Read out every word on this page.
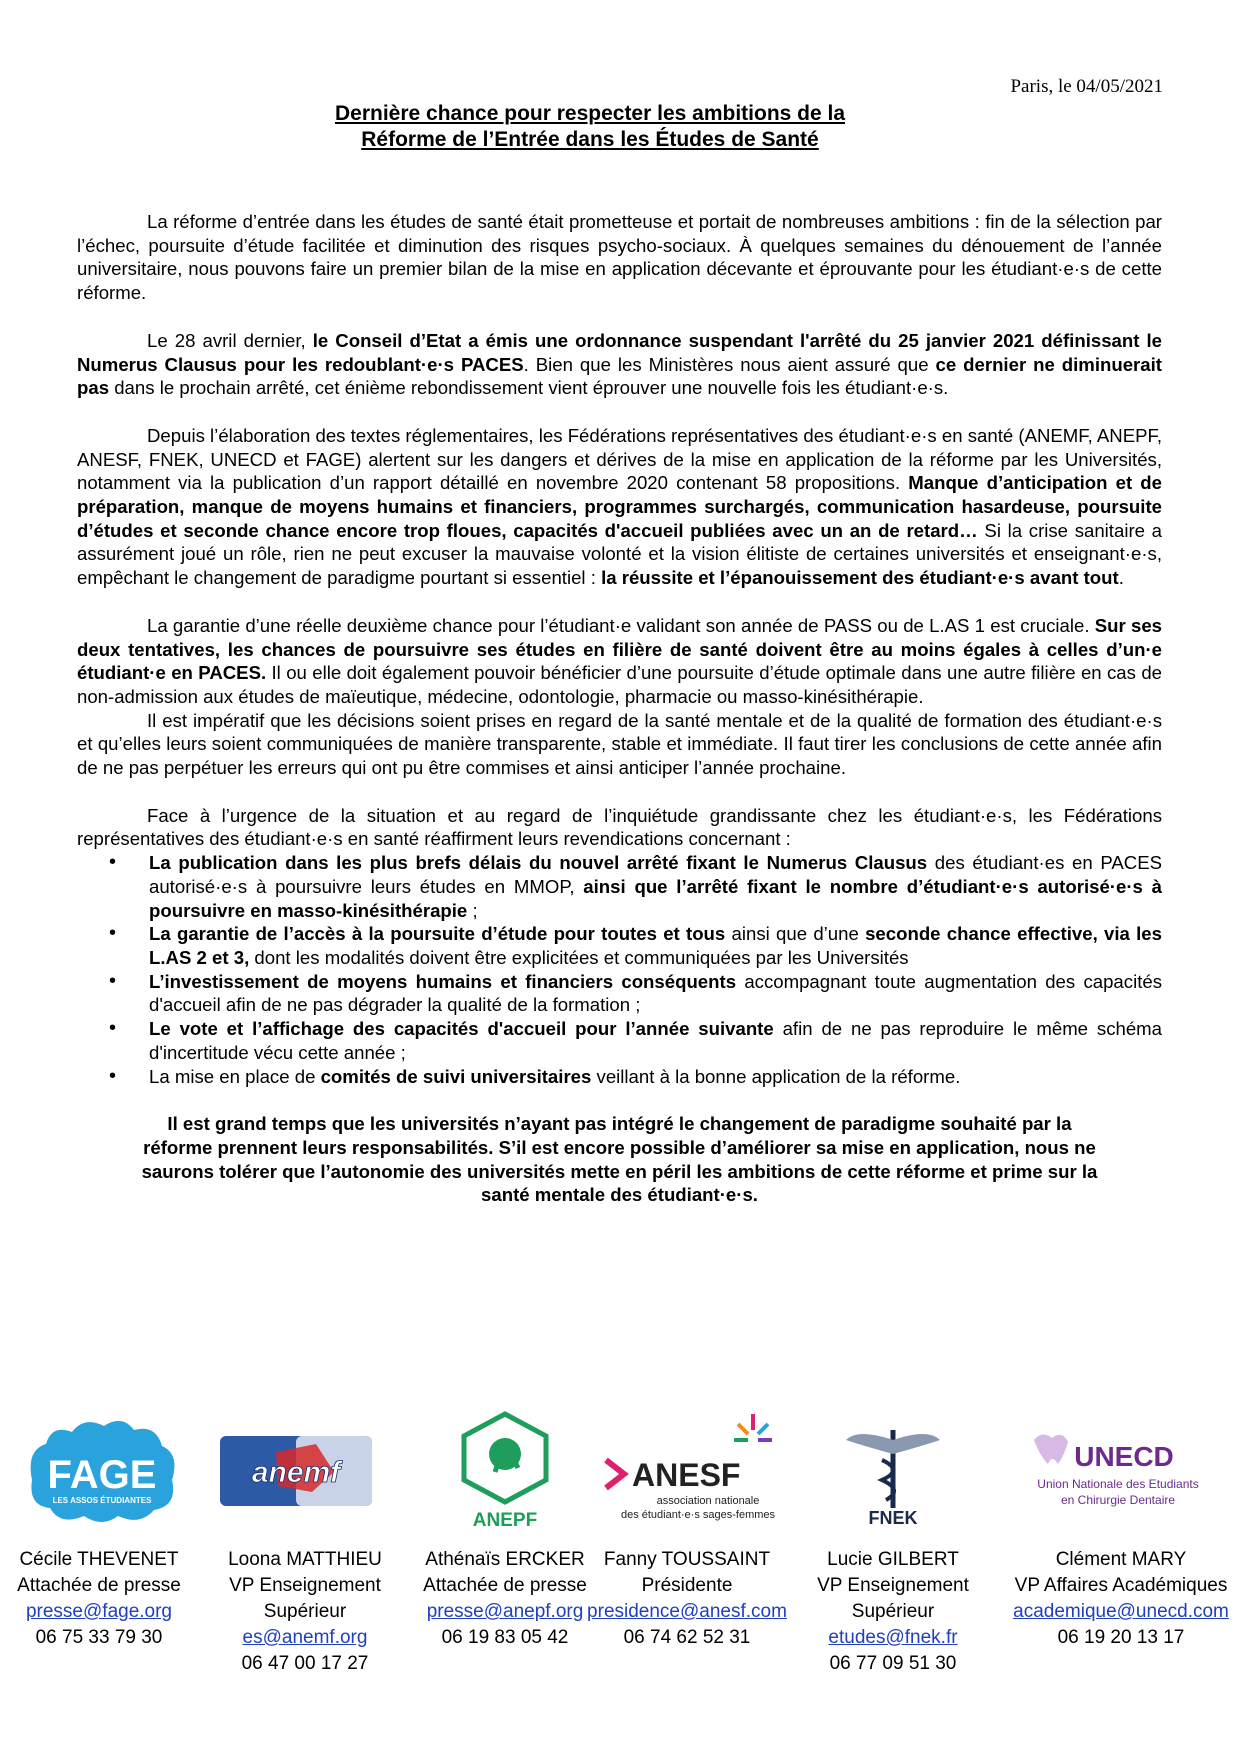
Paris, le 04/05/2021
Dernière chance pour respecter les ambitions de la
Réforme de l’Entrée dans les Études de Santé

La réforme d’entrée dans les études de santé était prometteuse et portait de nombreuses ambitions : fin de la sélection par l’échec, poursuite d’étude facilitée et diminution des risques psycho-sociaux. À quelques semaines du dénouement de l’année universitaire, nous pouvons faire un premier bilan de la mise en application décevante et éprouvante pour les étudiant·e·s de cette réforme.

Le 28 avril dernier, le Conseil d’Etat a émis une ordonnance suspendant l'arrêté du 25 janvier 2021 définissant le Numerus Clausus pour les redoublant·e·s PACES. Bien que les Ministères nous aient assuré que ce dernier ne diminuerait pas dans le prochain arrêté, cet énième rebondissement vient éprouver une nouvelle fois les étudiant·e·s.

Depuis l’élaboration des textes réglementaires, les Fédérations représentatives des étudiant·e·s en santé (ANEMF, ANEPF, ANESF, FNEK, UNECD et FAGE) alertent sur les dangers et dérives de la mise en application de la réforme par les Universités, notamment via la publication d’un rapport détaillé en novembre 2020 contenant 58 propositions. Manque d’anticipation et de préparation, manque de moyens humains et financiers, programmes surchargés, communication hasardeuse, poursuite d’études et seconde chance encore trop floues, capacités d'accueil publiées avec un an de retard… Si la crise sanitaire a assurément joué un rôle, rien ne peut excuser la mauvaise volonté et la vision élitiste de certaines universités et enseignant·e·s, empêchant le changement de paradigme pourtant si essentiel : la réussite et l’épanouissement des étudiant·e·s avant tout.

La garantie d’une réelle deuxième chance pour l’étudiant·e validant son année de PASS ou de L.AS 1 est cruciale. Sur ses deux tentatives, les chances de poursuivre ses études en filière de santé doivent être au moins égales à celles d’un·e étudiant·e en PACES. Il ou elle doit également pouvoir bénéficier d’une poursuite d’étude optimale dans une autre filière en cas de non-admission aux études de maïeutique, médecine, odontologie, pharmacie ou masso-kinésithérapie.

Il est impératif que les décisions soient prises en regard de la santé mentale et de la qualité de formation des étudiant·e·s et qu’elles leurs soient communiquées de manière transparente, stable et immédiate. Il faut tirer les conclusions de cette année afin de ne pas perpétuer les erreurs qui ont pu être commises et ainsi anticiper l’année prochaine.

Face à l’urgence de la situation et au regard de l’inquiétude grandissante chez les étudiant·e·s, les Fédérations représentatives des étudiant·e·s en santé réaffirment leurs revendications concernant :

• La publication dans les plus brefs délais du nouvel arrêté fixant le Numerus Clausus des étudiant·es en PACES autorisé·e·s à poursuivre leurs études en MMOP, ainsi que l’arrêté fixant le nombre d’étudiant·e·s autorisé·e·s à poursuivre en masso-kinésithérapie ;
• La garantie de l’accès à la poursuite d’étude pour toutes et tous ainsi que d’une seconde chance effective, via les L.AS 2 et 3, dont les modalités doivent être explicitées et communiquées par les Universités
• L’investissement de moyens humains et financiers conséquents accompagnant toute augmentation des capacités d'accueil afin de ne pas dégrader la qualité de la formation ;
• Le vote et l’affichage des capacités d'accueil pour l’année suivante afin de ne pas reproduire le même schéma d'incertitude vécu cette année ;
• La mise en place de comités de suivi universitaires veillant à la bonne application de la réforme.
Il est grand temps que les universités n’ayant pas intégré le changement de paradigme souhaité par la
réforme prennent leurs responsabilités. S’il est encore possible d’améliorer sa mise en application, nous ne
saurons tolérer que l’autonomie des universités mette en péril les ambitions de cette réforme et prime sur la
santé mentale des étudiant·e·s.
FAGE
LES ASSOS ÉTUDIANTES
anemf
ANEPF
ANESF
association nationale
des étudiant·e·s sages-femmes	FNEK
UNECD
Union Nationale des Etudiants
en Chirurgie Dentaire
Cécile THEVENET
Attachée de presse
presse@fage.org
06 75 33 79 30
Loona MATTHIEU
VP Enseignement Supérieur
es@anemf.org
06 47 00 17 27
Athénaïs ERCKER
Attachée de presse
presse@anepf.org
06 19 83 05 42
Fanny TOUSSAINT
Présidente
presidence@anesf.com
06 74 62 52 31
Lucie GILBERT
VP Enseignement Supérieur
etudes@fnek.fr
06 77 09 51 30
Clément MARY
VP Affaires Académiques
academique@unecd.com
06 19 20 13 17
